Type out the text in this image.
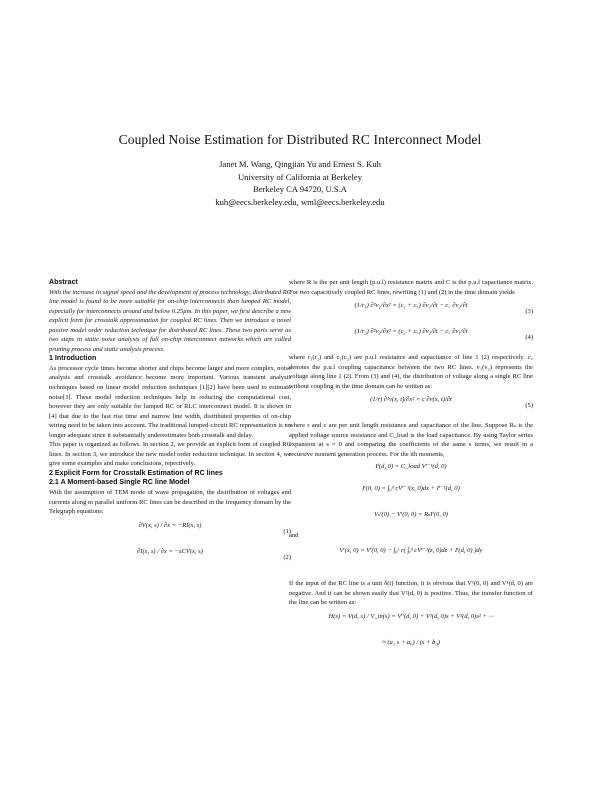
Coupled Noise Estimation for Distributed RC Interconnect Model
Janet M. Wang, Qingjian Yu and Ernest S. Kuh
University of California at Berkeley
Berkeley CA 94720, U.S.A
kuh@eecs.berkeley.edu, wml@eecs.berkeley.edu

Abstract

With the increase in signal speed and the development of process technology, distributed RC line model is found to be more suitable for on-chip interconnects than lumped RC model, especially for interconnects around and below 0.25μm. In this paper, we first describe a new explicit form for crosstalk approximation for coupled RC lines. Then we introduce a novel passive model order reduction technique for distributed RC lines. These two parts serve as two steps in static noise analysis of full on-chip interconnect networks which are called pruning process and static analysis process.

1 Introduction

As processor cycle times become shorter and chips become larger and more complex, noise analysis and crosstalk avoidance become more important. Various transient analysis techniques based on linear model reduction techniques [1][2] have been used to estimate noise[3]. These model reduction techniques help in reducing the computational cost, however they are only suitable for lumped RC or RLC interconnect model. It is shown in [4] that due to the fast rise time and narrow line width, distributed properties of on-chip wiring need to be taken into account. The traditional lumped-circuit RC representation is no longer adequate since it substantially underestimates both crosstalk and delay.

This paper is organized as follows. In section 2, we provide an explicit form of coupled RC lines. In section 3, we introduce the new model order reduction technique. In section 4, we give some examples and make conclusions, repectively.

2 Explicit Form for Crosstalk Estimation of RC lines

2.1 A Moment-based Single RC line Model

With the assumption of TEM mode of wave propagation, the distribution of voltages and currents along m parallel uniform RC lines can be described in the frequency domain by the Telegraph equations:

∂V(x, s) / ∂x = −RI(x, s)
(1)
∂I(x, s) / ∂x = −sCV(x, s)
(2)

where R is the per unit length (p.u.l) resistance matrix and C is the p.u.l capacitance matrix. For two capacitively coupled RC lines, rewriting (1) and (2) in the time domain yields

(1/r₁) ∂²v₁/∂x² = (c₁ + c꜀) ∂v₁/∂t − c꜀ ∂v₂/∂t
(3)
(1/r₂) ∂²v₂/∂x² = (c₂ + c꜀) ∂v₂/∂t − c꜀ ∂v₁/∂t
(4)

where r₁(r₂) and c₁(c₂) are p.u.l resistance and capacitance of line 1 (2) respectively. c꜀ denotes the p.u.l coupling capacitance between the two RC lines. v₁(v₂) represents the voltage along line 1 (2). From (3) and (4), the distribution of voltage along a single RC line without coupling in the time domain can be written as:

(1/r) ∂²v(x, t)/∂x² = c ∂v(x, t)/∂t
(5)

where r and c are per unit length resistance and capacitance of the line. Suppose Rₛ is the applied voltage source resistance and C_load is the load capacitance. By using Taylor series expansion at s = 0 and comparing the coefficients of the same s terms, we result in a recursive moment generation process. For the ith moments,

Iⁱ(d, 0) = C_load Vⁱ⁻¹(d, 0)
Iⁱ(0, 0) = ∫₀ᵈ cVⁱ⁻¹(x, 0)dx + Iⁱ⁻¹(d, 0)
Vₛⁱ(0) − Vⁱ(0, 0) = RₛIⁱ(0, 0)

and

Vⁱ(x, 0) = Vⁱ(0, 0) − ∫₀ˣ r( ∫ᵧᵈ cVⁱ⁻¹(z, 0)dz + Iⁱ(d, 0) )dy

If the input of the RC line is a unit δ(t) function, it is obvious that V¹(0, 0) and V¹(d, 0) are negative. And it can be shown easily that V²(d, 0) is positive. Thus, the transfer function of the line can be written as:

H(s) = V(d, s) / V_in(s) = V⁰(d, 0) + V¹(d, 0)s + V²(d, 0)s² + ···
≈ (a₁ s + a₀) / (s + b₀)
